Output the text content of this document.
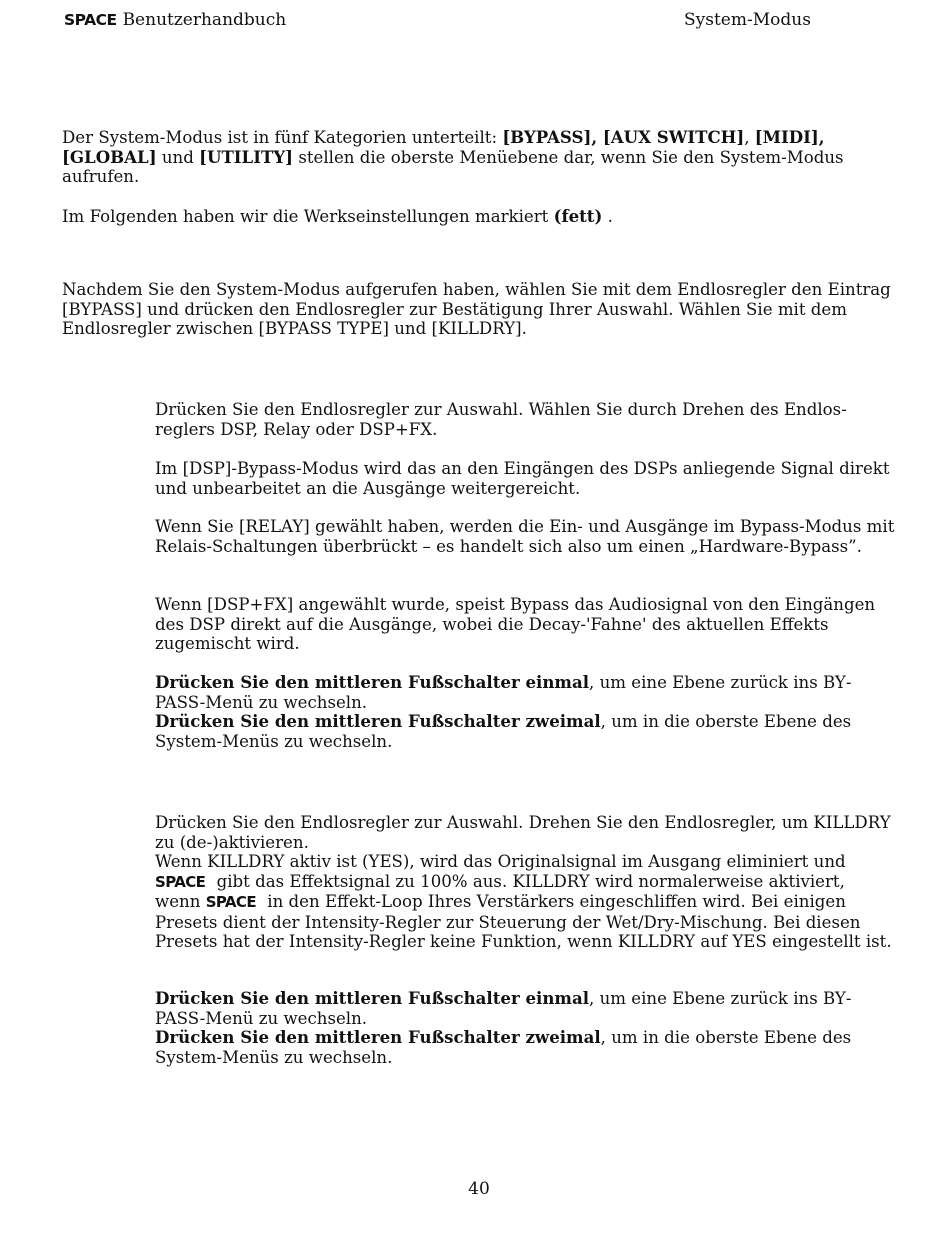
SPACE Benutzerhandbuch	System-Modus

Der System-Modus ist in fünf Kategorien unterteilt: [BYPASS], [AUX SWITCH], [MIDI], [GLOBAL] und [UTILITY] stellen die oberste Menüebene dar, wenn Sie den System-Modus aufrufen.

Im Folgenden haben wir die Werkseinstellungen markiert (fett) .

Nachdem Sie den System-Modus aufgerufen haben, wählen Sie mit dem Endlosregler den Eintrag [BYPASS] und drücken den Endlosregler zur Bestätigung Ihrer Auswahl. Wählen Sie mit dem Endlosregler zwischen [BYPASS TYPE] und [KILLDRY].
Drücken Sie den Endlosregler zur Auswahl. Wählen Sie durch Drehen des Endlosreglers DSP, Relay oder DSP+FX.
Im [DSP]-Bypass-Modus wird das an den Eingängen des DSPs anliegende Signal direkt und unbearbeitet an die Ausgänge weitergereicht.
Wenn Sie [RELAY] gewählt haben, werden die Ein- und Ausgänge im Bypass-Modus mit Relais-Schaltungen überbrückt – es handelt sich also um einen „Hardware-Bypass”.
Wenn [DSP+FX] angewählt wurde, speist Bypass das Audiosignal von den Eingängen des DSP direkt auf die Ausgänge, wobei die Decay-'Fahne' des aktuellen Effekts zugemischt wird.

Drücken Sie den mittleren Fußschalter einmal, um eine Ebene zurück ins BYPASS-Menü zu wechseln.

Drücken Sie den mittleren Fußschalter zweimal, um in die oberste Ebene des System-Menüs zu wechseln.

Drücken Sie den Endlosregler zur Auswahl. Drehen Sie den Endlosregler, um KILLDRY zu (de-)aktivieren.

Wenn KILLDRY aktiv ist (YES), wird das Originalsignal im Ausgang eliminiert und

SPACE gibt das Effektsignal zu 100% aus. KILLDRY wird normalerweise aktiviert,

wenn SPACE in den Effekt-Loop Ihres Verstärkers eingeschliffen wird. Bei einigen Presets dient der Intensity-Regler zur Steuerung der Wet/Dry-Mischung. Bei diesen Presets hat der Intensity-Regler keine Funktion, wenn KILLDRY auf YES eingestellt ist.

Drücken Sie den mittleren Fußschalter einmal, um eine Ebene zurück ins BYPASS-Menü zu wechseln.

Drücken Sie den mittleren Fußschalter zweimal, um in die oberste Ebene des System-Menüs zu wechseln.

40
